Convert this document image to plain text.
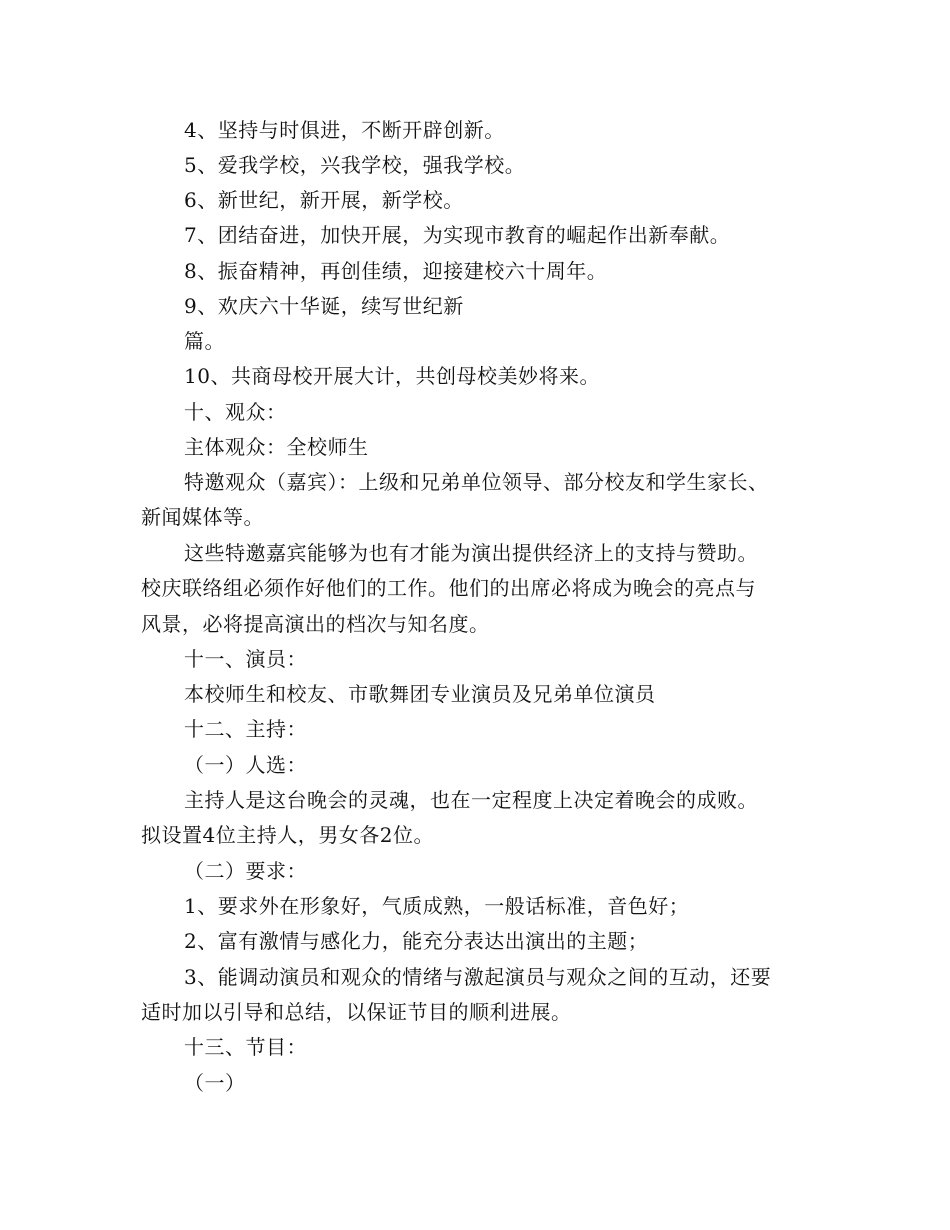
4、坚持与时俱进，不断开辟创新。

5、爱我学校，兴我学校，强我学校。

6、新世纪，新开展，新学校。

7、团结奋进，加快开展，为实现市教育的崛起作出新奉献。

8、振奋精神，再创佳绩，迎接建校六十周年。

9、欢庆六十华诞，续写世纪新

篇。

10、共商母校开展大计，共创母校美妙将来。

十、观众：

主体观众：全校师生

特邀观众（嘉宾）：上级和兄弟单位领导、部分校友和学生家长、

新闻媒体等。

这些特邀嘉宾能够为也有才能为演出提供经济上的支持与赞助。

校庆联络组必须作好他们的工作。他们的出席必将成为晚会的亮点与

风景，必将提高演出的档次与知名度。

十一、演员：

本校师生和校友、市歌舞团专业演员及兄弟单位演员

十二、主持：

（一）人选：

主持人是这台晚会的灵魂，也在一定程度上决定着晚会的成败。

拟设置4位主持人，男女各2位。

（二）要求：

1、要求外在形象好，气质成熟，一般话标准，音色好；

2、富有激情与感化力，能充分表达出演出的主题；

3、能调动演员和观众的情绪与激起演员与观众之间的互动，还要

适时加以引导和总结，以保证节目的顺利进展。

十三、节目：

（一）
